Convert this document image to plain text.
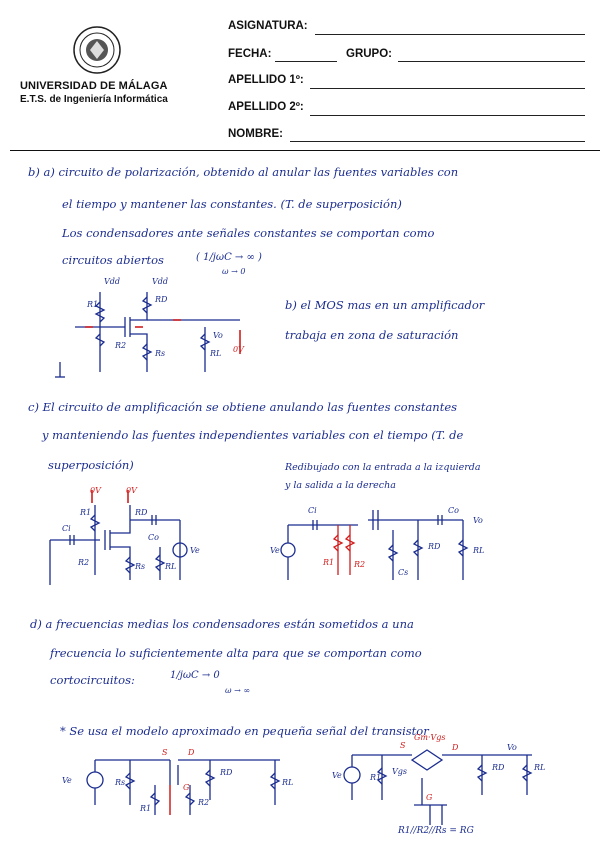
UNIVERSIDAD DE MÁLAGA
E.T.S. de Ingeniería Informática
ASIGNATURA:
FECHA:	GRUPO:
APELLIDO 1º:
APELLIDO 2º:
NOMBRE:
b) a) circuito de polarización, obtenido al anular las fuentes variables con
el tiempo y mantener las constantes. (T. de superposición)
Los condensadores ante señales constantes se comportan como
circuitos abiertos	( 1/jωC → ∞ )
ω → 0
Vdd	Vdd
R1
R2
RD
Rs	RL
Vo
0V
b) el MOS mas en un amplificador
trabaja en zona de saturación
c) El circuito de amplificación se obtiene anulando las fuentes constantes
y manteniendo las fuentes independientes variables con el tiempo (T. de
superposición)	Redibujado con la entrada a la izquierda
y la salida a la derecha
0V	0V
Ci
R1
R2
RD
Rs
Co
RL
Ve	Ve
Ci
RD
Co
Vo
RL
R1 R2
Cs
d) a frecuencias medias los condensadores están sometidos a una
frecuencia lo suficientemente alta para que se comportan como
cortocircuitos:	1/jωC → 0
ω → ∞
* Se usa el modelo aproximado en pequeña señal del transistor
Ve	Rs
S	D
G
R1
R2
RD
RL
Ve	R1
S
Gm·Vgs
D
Vgs
G
RD
Vo
RL
R1//R2//Rs = RG
